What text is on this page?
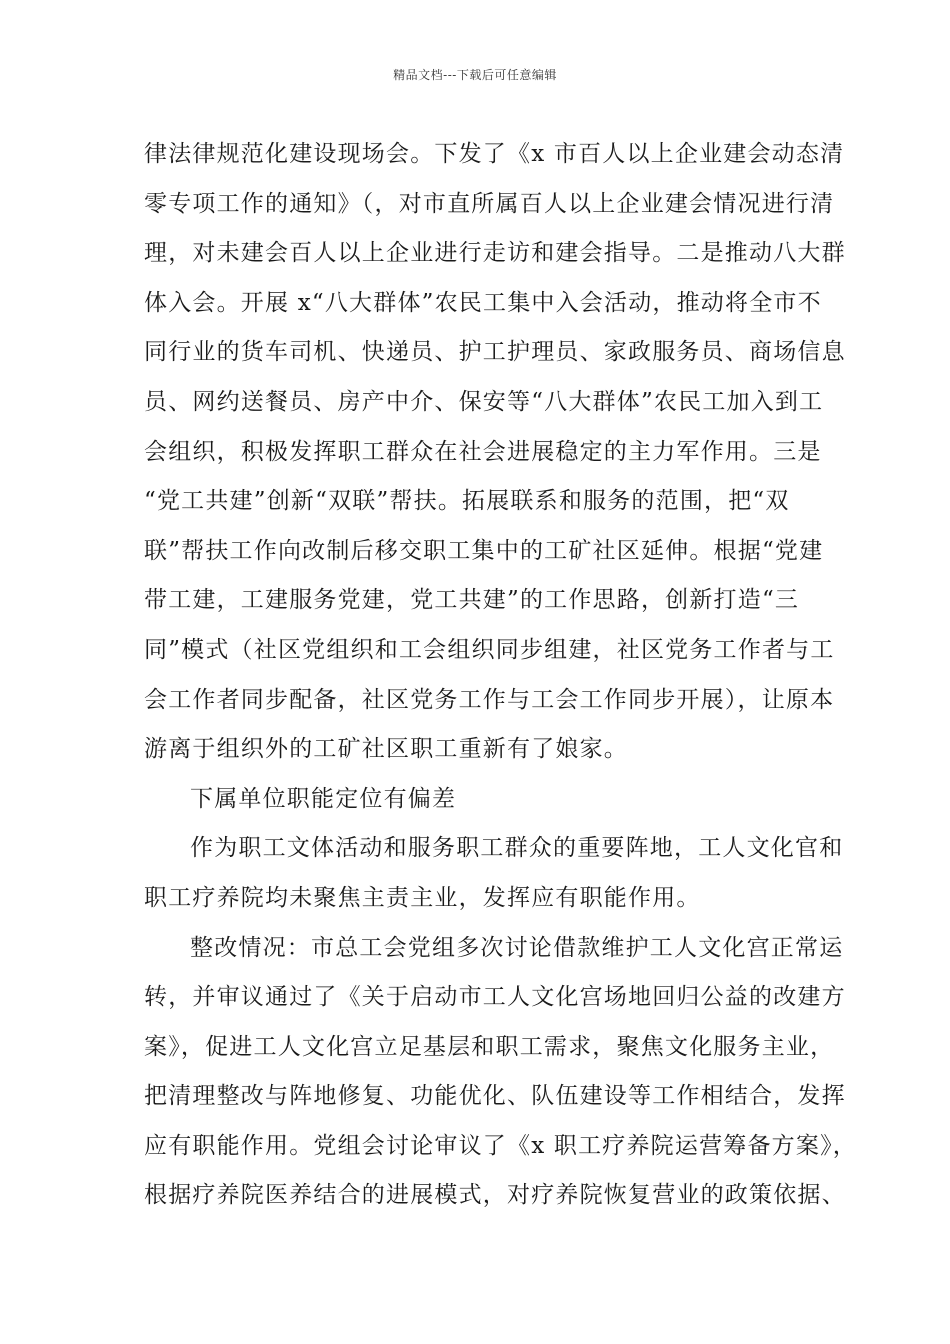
精品文档---下载后可任意编辑
律法律规范化建设现场会。下发了《x 市百人以上企业建会动态清
零专项工作的通知》（，对市直所属百人以上企业建会情况进行清
理，对未建会百人以上企业进行走访和建会指导。二是推动八大群
体入会。开展 x“八大群体”农民工集中入会活动，推动将全市不
同行业的货车司机、快递员、护工护理员、家政服务员、商场信息
员、网约送餐员、房产中介、保安等“八大群体”农民工加入到工
会组织，积极发挥职工群众在社会进展稳定的主力军作用。三是
“党工共建”创新“双联”帮扶。拓展联系和服务的范围，把“双
联”帮扶工作向改制后移交职工集中的工矿社区延伸。根据“党建
带工建，工建服务党建，党工共建”的工作思路，创新打造“三
同”模式（社区党组织和工会组织同步组建，社区党务工作者与工
会工作者同步配备，社区党务工作与工会工作同步开展），让原本
游离于组织外的工矿社区职工重新有了娘家。
下属单位职能定位有偏差
作为职工文体活动和服务职工群众的重要阵地，工人文化官和
职工疗养院均未聚焦主责主业，发挥应有职能作用。
整改情况：市总工会党组多次讨论借款维护工人文化宫正常运
转，并审议通过了《关于启动市工人文化宫场地回归公益的改建方
案》，促进工人文化宫立足基层和职工需求，聚焦文化服务主业，
把清理整改与阵地修复、功能优化、队伍建设等工作相结合，发挥
应有职能作用。党组会讨论审议了《x 职工疗养院运营筹备方案》，
根据疗养院医养结合的进展模式，对疗养院恢复营业的政策依据、
